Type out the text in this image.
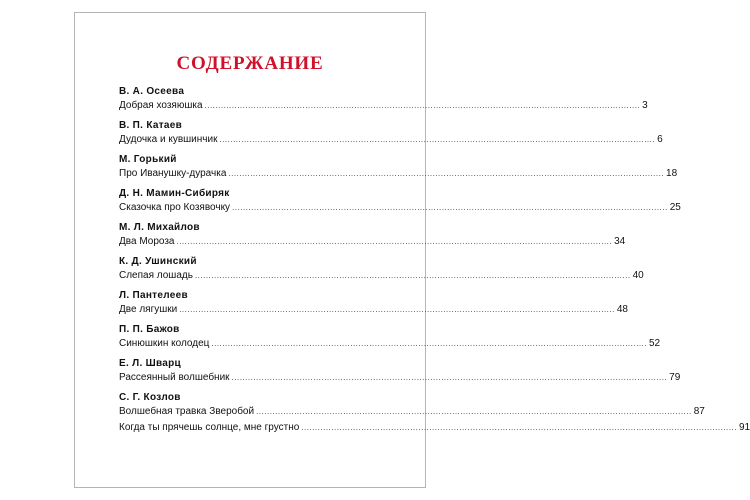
СОДЕРЖАНИЕ
В. А. Осеева
Добрая хозяюшка ................................................................................................................................................................ 3
В. П. Катаев
Дудочка и кувшинчик ................................................................................................................................................................ 6
М. Горький
Про Иванушку-дурачка ................................................................................................................................................................ 18
Д. Н. Мамин-Сибиряк
Сказочка про Козявочку ................................................................................................................................................................ 25
М. Л. Михайлов
Два Мороза ................................................................................................................................................................ 34
К. Д. Ушинский
Слепая лошадь ................................................................................................................................................................ 40
Л. Пантелеев
Две лягушки ................................................................................................................................................................ 48
П. П. Бажов
Синюшкин колодец ................................................................................................................................................................ 52
Е. Л. Шварц
Рассеянный волшебник ................................................................................................................................................................ 79
С. Г. Козлов
Волшебная травка Зверобой ................................................................................................................................................................ 87
Когда ты прячешь солнце, мне грустно ................................................................................................................................................................ 91
